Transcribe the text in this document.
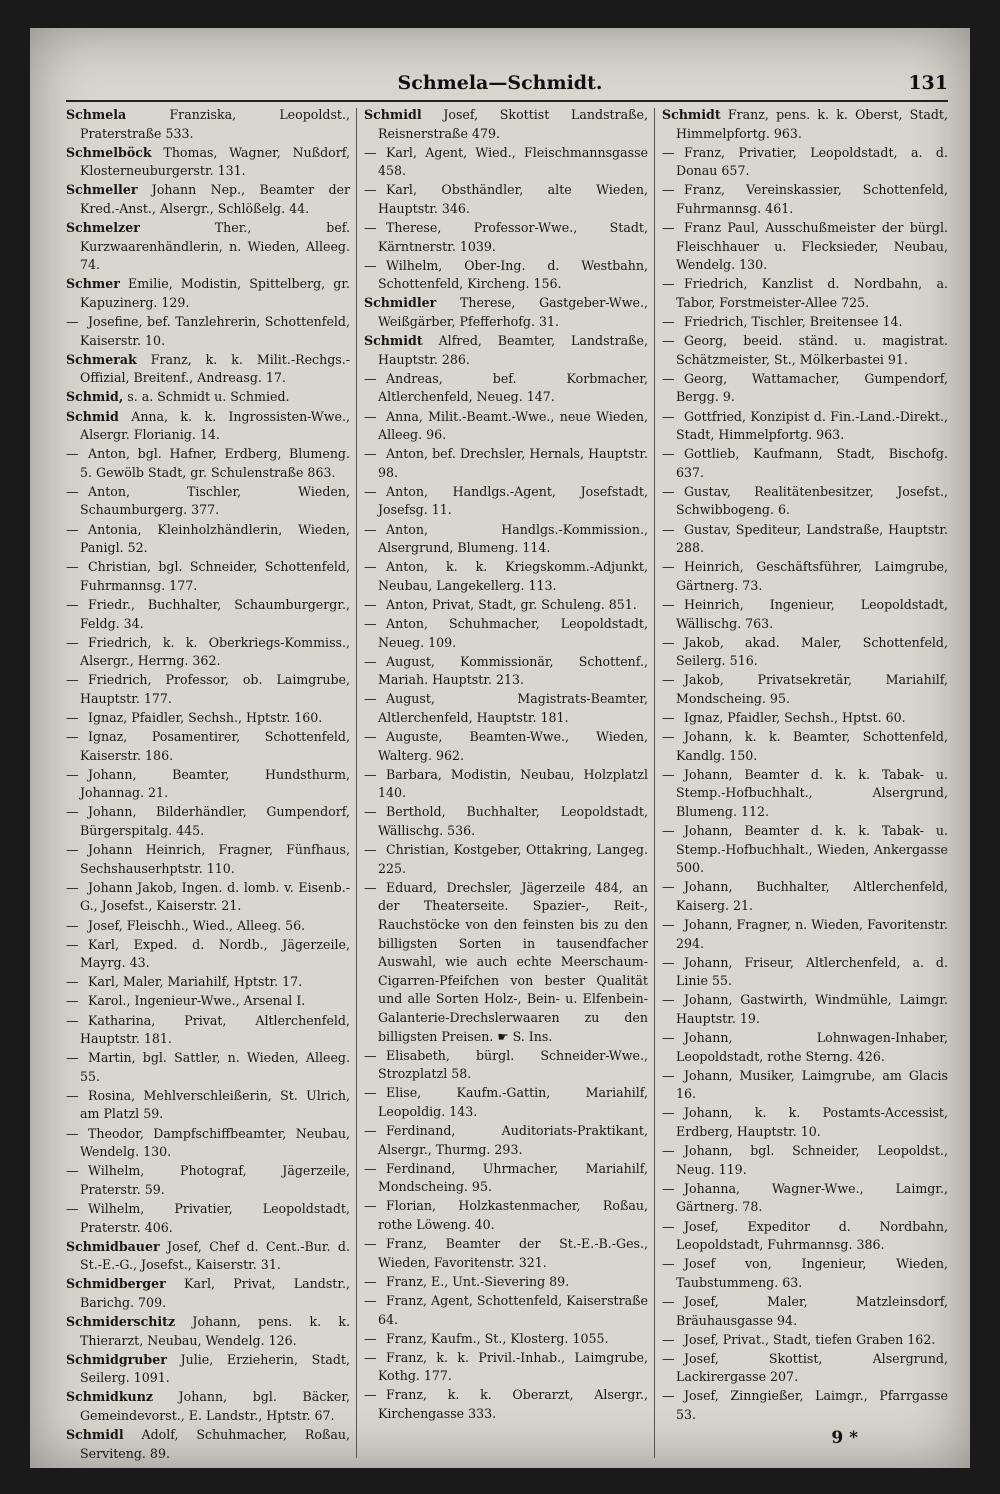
Schmela—Schmidt.	131
Schmela Franziska, Leopoldst., Praterstraße 533.
Schmelböck Thomas, Wagner, Nußdorf, Klosterneuburgerstr. 131.
Schmeller Johann Nep., Beamter der Kred.-Anst., Alsergr., Schlößelg. 44.
Schmelzer Ther., bef. Kurzwaarenhändlerin, n. Wieden, Alleeg. 74.
Schmer Emilie, Modistin, Spittelberg, gr. Kapuzinerg. 129.
— Josefine, bef. Tanzlehrerin, Schottenfeld, Kaiserstr. 10.
Schmerak Franz, k. k. Milit.-Rechgs.-Offizial, Breitenf., Andreasg. 17.
Schmid, s. a. Schmidt u. Schmied.
Schmid Anna, k. k. Ingrossisten-Wwe., Alsergr. Florianig. 14.
— Anton, bgl. Hafner, Erdberg, Blumeng. 5. Gewölb Stadt, gr. Schulenstraße 863.
— Anton, Tischler, Wieden, Schaumburgerg. 377.
— Antonia, Kleinholzhändlerin, Wieden, Panigl. 52.
— Christian, bgl. Schneider, Schottenfeld, Fuhrmannsg. 177.
— Friedr., Buchhalter, Schaumburgergr., Feldg. 34.
— Friedrich, k. k. Oberkriegs-Kommiss., Alsergr., Herrng. 362.
— Friedrich, Professor, ob. Laimgrube, Hauptstr. 177.
— Ignaz, Pfaidler, Sechsh., Hptstr. 160.
— Ignaz, Posamentirer, Schottenfeld, Kaiserstr. 186.
— Johann, Beamter, Hundsthurm, Johannag. 21.
— Johann, Bilderhändler, Gumpendorf, Bürgerspitalg. 445.
— Johann Heinrich, Fragner, Fünfhaus, Sechshauserhptstr. 110.
— Johann Jakob, Ingen. d. lomb. v. Eisenb.-G., Josefst., Kaiserstr. 21.
— Josef, Fleischh., Wied., Alleeg. 56.
— Karl, Exped. d. Nordb., Jägerzeile, Mayrg. 43.
— Karl, Maler, Mariahilf, Hptstr. 17.
— Karol., Ingenieur-Wwe., Arsenal I.
— Katharina, Privat, Altlerchenfeld, Hauptstr. 181.
— Martin, bgl. Sattler, n. Wieden, Alleeg. 55.
— Rosina, Mehlverschleißerin, St. Ulrich, am Platzl 59.
— Theodor, Dampfschiffbeamter, Neubau, Wendelg. 130.
— Wilhelm, Photograf, Jägerzeile, Praterstr. 59.
— Wilhelm, Privatier, Leopoldstadt, Praterstr. 406.
Schmidbauer Josef, Chef d. Cent.-Bur. d. St.-E.-G., Josefst., Kaiserstr. 31.
Schmidberger Karl, Privat, Landstr., Barichg. 709.
Schmiderschitz Johann, pens. k. k. Thierarzt, Neubau, Wendelg. 126.
Schmidgruber Julie, Erzieherin, Stadt, Seilerg. 1091.
Schmidkunz Johann, bgl. Bäcker, Gemeindevorst., E. Landstr., Hptstr. 67.
Schmidl Adolf, Schuhmacher, Roßau, Serviteng. 89.
Schmidl Josef, Skottist Landstraße, Reisnerstraße 479.
— Karl, Agent, Wied., Fleischmannsgasse 458.
— Karl, Obsthändler, alte Wieden, Hauptstr. 346.
— Therese, Professor-Wwe., Stadt, Kärntnerstr. 1039.
— Wilhelm, Ober-Ing. d. Westbahn, Schottenfeld, Kircheng. 156.
Schmidler Therese, Gastgeber-Wwe., Weißgärber, Pfefferhofg. 31.
Schmidt Alfred, Beamter, Landstraße, Hauptstr. 286.
— Andreas, bef. Korbmacher, Altlerchenfeld, Neueg. 147.
— Anna, Milit.-Beamt.-Wwe., neue Wieden, Alleeg. 96.
— Anton, bef. Drechsler, Hernals, Hauptstr. 98.
— Anton, Handlgs.-Agent, Josefstadt, Josefsg. 11.
— Anton, Handlgs.-Kommission., Alsergrund, Blumeng. 114.
— Anton, k. k. Kriegskomm.-Adjunkt, Neubau, Langekellerg. 113.
— Anton, Privat, Stadt, gr. Schuleng. 851.
— Anton, Schuhmacher, Leopoldstadt, Neueg. 109.
— August, Kommissionär, Schottenf., Mariah. Hauptstr. 213.
— August, Magistrats-Beamter, Altlerchenfeld, Hauptstr. 181.
— Auguste, Beamten-Wwe., Wieden, Walterg. 962.
— Barbara, Modistin, Neubau, Holzplatzl 140.
— Berthold, Buchhalter, Leopoldstadt, Wällischg. 536.
— Christian, Kostgeber, Ottakring, Langeg. 225.
— Eduard, Drechsler, Jägerzeile 484, an der Theaterseite. Spazier-, Reit-, Rauchstöcke von den feinsten bis zu den billigsten Sorten in tausendfacher Auswahl, wie auch echte Meerschaum-Cigarren-Pfeifchen von bester Qualität und alle Sorten Holz-, Bein- u. Elfenbein-Galanterie-Drechslerwaaren zu den billigsten Preisen. ☛ S. Ins.
— Elisabeth, bürgl. Schneider-Wwe., Strozplatzl 58.
— Elise, Kaufm.-Gattin, Mariahilf, Leopoldig. 143.
— Ferdinand, Auditoriats-Praktikant, Alsergr., Thurmg. 293.
— Ferdinand, Uhrmacher, Mariahilf, Mondscheing. 95.
— Florian, Holzkastenmacher, Roßau, rothe Löweng. 40.
— Franz, Beamter der St.-E.-B.-Ges., Wieden, Favoritenstr. 321.
— Franz, E., Unt.-Sievering 89.
— Franz, Agent, Schottenfeld, Kaiserstraße 64.
— Franz, Kaufm., St., Klosterg. 1055.
— Franz, k. k. Privil.-Inhab., Laimgrube, Kothg. 177.
— Franz, k. k. Oberarzt, Alsergr., Kirchengasse 333.
Schmidt Franz, pens. k. k. Oberst, Stadt, Himmelpfortg. 963.
— Franz, Privatier, Leopoldstadt, a. d. Donau 657.
— Franz, Vereinskassier, Schottenfeld, Fuhrmannsg. 461.
— Franz Paul, Ausschußmeister der bürgl. Fleischhauer u. Flecksieder, Neubau, Wendelg. 130.
— Friedrich, Kanzlist d. Nordbahn, a. Tabor, Forstmeister-Allee 725.
— Friedrich, Tischler, Breitensee 14.
— Georg, beeid. ständ. u. magistrat. Schätzmeister, St., Mölkerbastei 91.
— Georg, Wattamacher, Gumpendorf, Bergg. 9.
— Gottfried, Konzipist d. Fin.-Land.-Direkt., Stadt, Himmelpfortg. 963.
— Gottlieb, Kaufmann, Stadt, Bischofg. 637.
— Gustav, Realitätenbesitzer, Josefst., Schwibbogeng. 6.
— Gustav, Spediteur, Landstraße, Hauptstr. 288.
— Heinrich, Geschäftsführer, Laimgrube, Gärtnerg. 73.
— Heinrich, Ingenieur, Leopoldstadt, Wällischg. 763.
— Jakob, akad. Maler, Schottenfeld, Seilerg. 516.
— Jakob, Privatsekretär, Mariahilf, Mondscheing. 95.
— Ignaz, Pfaidler, Sechsh., Hptst. 60.
— Johann, k. k. Beamter, Schottenfeld, Kandlg. 150.
— Johann, Beamter d. k. k. Tabak- u. Stemp.-Hofbuchhalt., Alsergrund, Blumeng. 112.
— Johann, Beamter d. k. k. Tabak- u. Stemp.-Hofbuchhalt., Wieden, Ankergasse 500.
— Johann, Buchhalter, Altlerchenfeld, Kaiserg. 21.
— Johann, Fragner, n. Wieden, Favoritenstr. 294.
— Johann, Friseur, Altlerchenfeld, a. d. Linie 55.
— Johann, Gastwirth, Windmühle, Laimgr. Hauptstr. 19.
— Johann, Lohnwagen-Inhaber, Leopoldstadt, rothe Sterng. 426.
— Johann, Musiker, Laimgrube, am Glacis 16.
— Johann, k. k. Postamts-Accessist, Erdberg, Hauptstr. 10.
— Johann, bgl. Schneider, Leopoldst., Neug. 119.
— Johanna, Wagner-Wwe., Laimgr., Gärtnerg. 78.
— Josef, Expeditor d. Nordbahn, Leopoldstadt, Fuhrmannsg. 386.
— Josef von, Ingenieur, Wieden, Taubstummeng. 63.
— Josef, Maler, Matzleinsdorf, Bräuhausgasse 94.
— Josef, Privat., Stadt, tiefen Graben 162.
— Josef, Skottist, Alsergrund, Lackirergasse 207.
— Josef, Zinngießer, Laimgr., Pfarrgasse 53.
9 *
